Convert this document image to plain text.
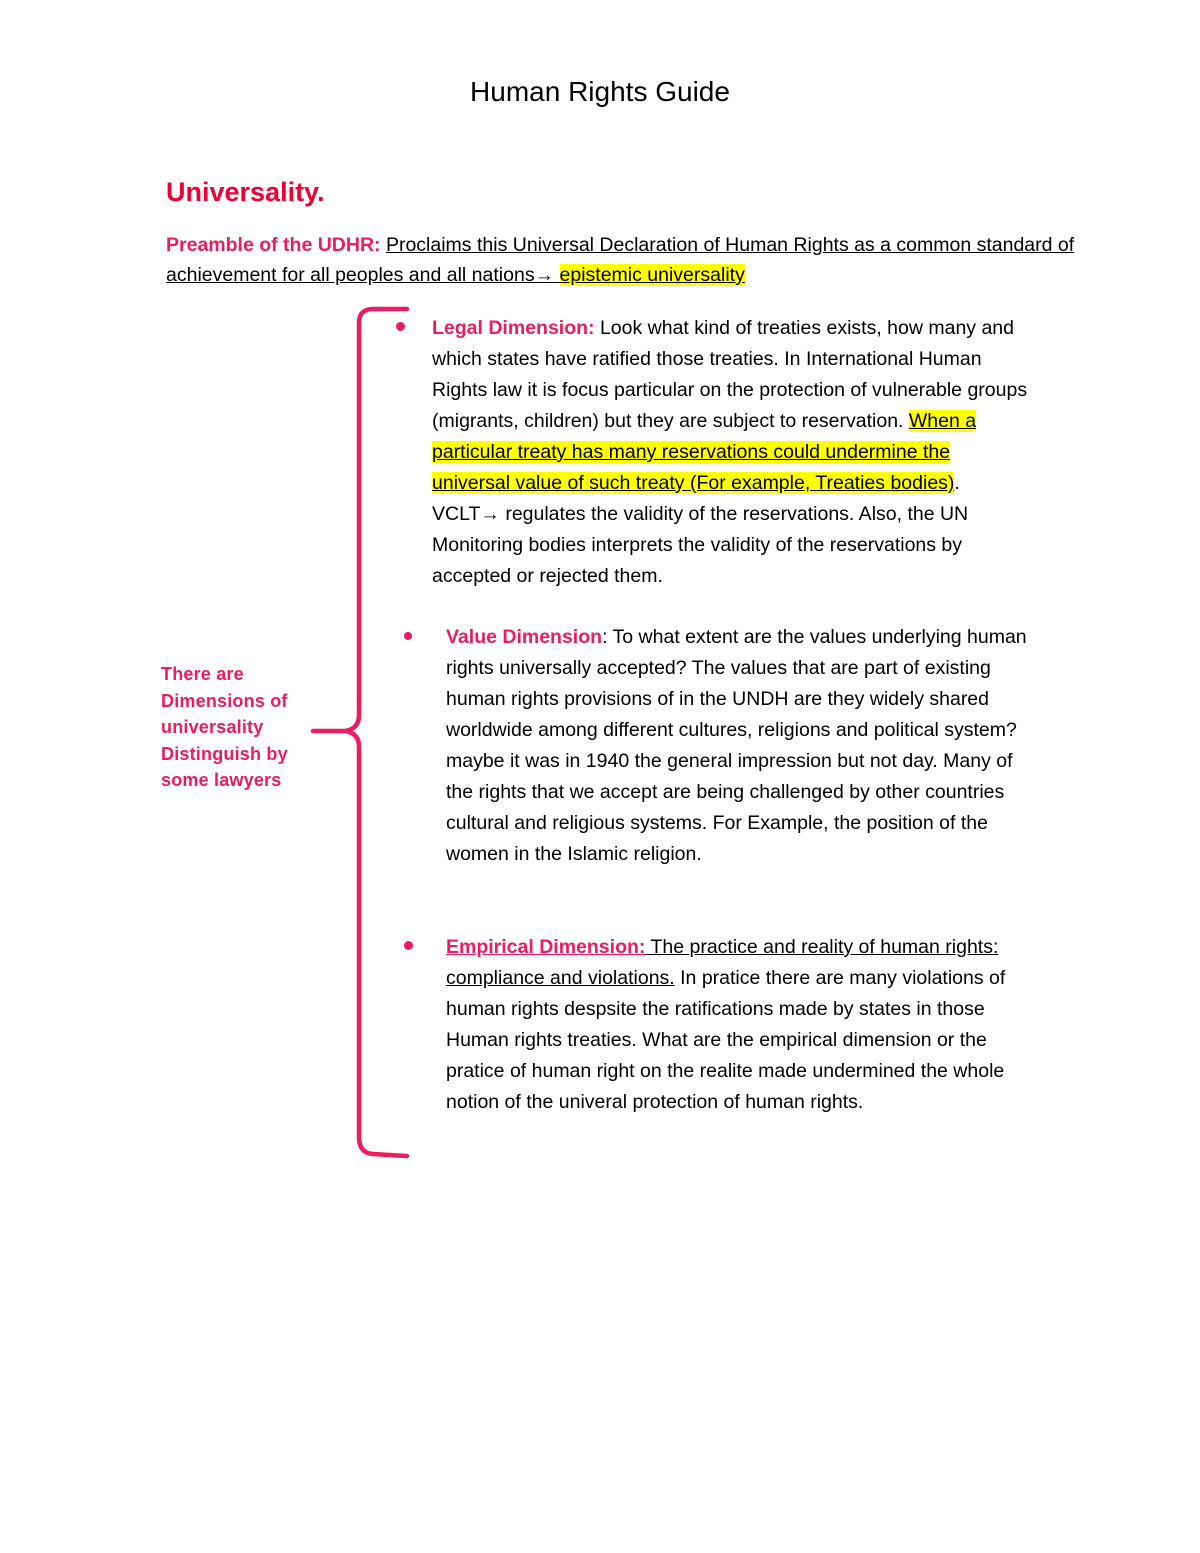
Human Rights Guide
Universality.
Preamble of the UDHR: Proclaims this Universal Declaration of Human Rights as a common standard of achievement for all peoples and all nations→ epistemic universality
There are Dimensions of universality Distinguish by some lawyers
Legal Dimension: Look what kind of treaties exists, how many and which states have ratified those treaties. In International Human Rights law it is focus particular on the protection of vulnerable groups (migrants, children) but they are subject to reservation. When a particular treaty has many reservations could undermine the universal value of such treaty (For example, Treaties bodies). VCLT→ regulates the validity of the reservations. Also, the UN Monitoring bodies interprets the validity of the reservations by accepted or rejected them.
Value Dimension: To what extent are the values underlying human rights universally accepted? The values that are part of existing human rights provisions of in the UNDH are they widely shared worldwide among different cultures, religions and political system? maybe it was in 1940 the general impression but not day. Many of the rights that we accept are being challenged by other countries cultural and religious systems. For Example, the position of the women in the Islamic religion.
Empirical Dimension: The practice and reality of human rights: compliance and violations. In pratice there are many violations of human rights despsite the ratifications made by states in those Human rights treaties. What are the empirical dimension or the pratice of human right on the realite made undermined the whole notion of the univeral protection of human rights.
